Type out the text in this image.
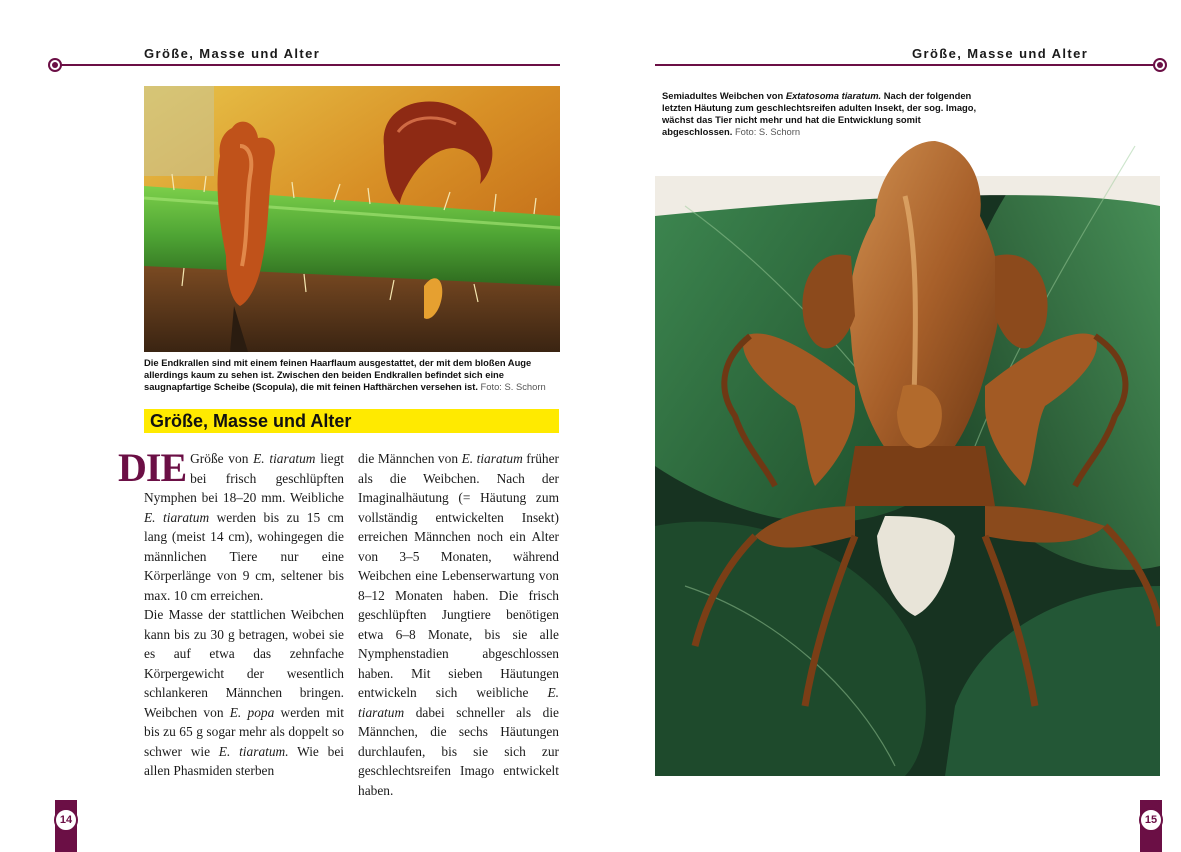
Größe, Masse und Alter
Die Endkrallen sind mit einem feinen Haarflaum ausgestattet, der mit dem bloßen Auge allerdings kaum zu sehen ist. Zwischen den beiden Endkrallen befindet sich eine saugnapfartige Scheibe (Scopula), die mit feinen Hafthärchen versehen ist. Foto: S. Schorn
Größe, Masse und Alter

DIE Größe von E. tiaratum liegt bei frisch geschlüpften Nymphen bei 18–20 mm. Weibliche E. tiaratum werden bis zu 15 cm lang (meist 14 cm), wohingegen die männlichen Tiere nur eine Körperlänge von 9 cm, seltener bis max. 10 cm erreichen.

Die Masse der stattlichen Weibchen kann bis zu 30 g betragen, wobei sie es auf etwa das zehnfache Körpergewicht der wesentlich schlankeren Männchen bringen. Weibchen von E. popa werden mit bis zu 65 g sogar mehr als doppelt so schwer wie E. tiaratum. Wie bei allen Phasmiden sterben

die Männchen von E. tiaratum früher als die Weibchen. Nach der Imaginalhäutung (= Häutung zum vollständig entwickelten Insekt) erreichen Männchen noch ein Alter von 3–5 Monaten, während Weibchen eine Lebenserwartung von 8–12 Monaten haben. Die frisch geschlüpften Jungtiere benötigen etwa 6–8 Monate, bis sie alle Nymphenstadien abgeschlossen haben. Mit sieben Häutungen entwickeln sich weibliche E. tiaratum dabei schneller als die Männchen, die sechs Häutungen durchlaufen, bis sie sich zur geschlechtsreifen Imago entwickelt haben.

14
Größe, Masse und Alter
Semiadultes Weibchen von Extatosoma tiaratum. Nach der folgenden letzten Häutung zum geschlechtsreifen adulten Insekt, der sog. Imago, wächst das Tier nicht mehr und hat die Entwicklung somit abgeschlossen. Foto: S. Schorn
15
